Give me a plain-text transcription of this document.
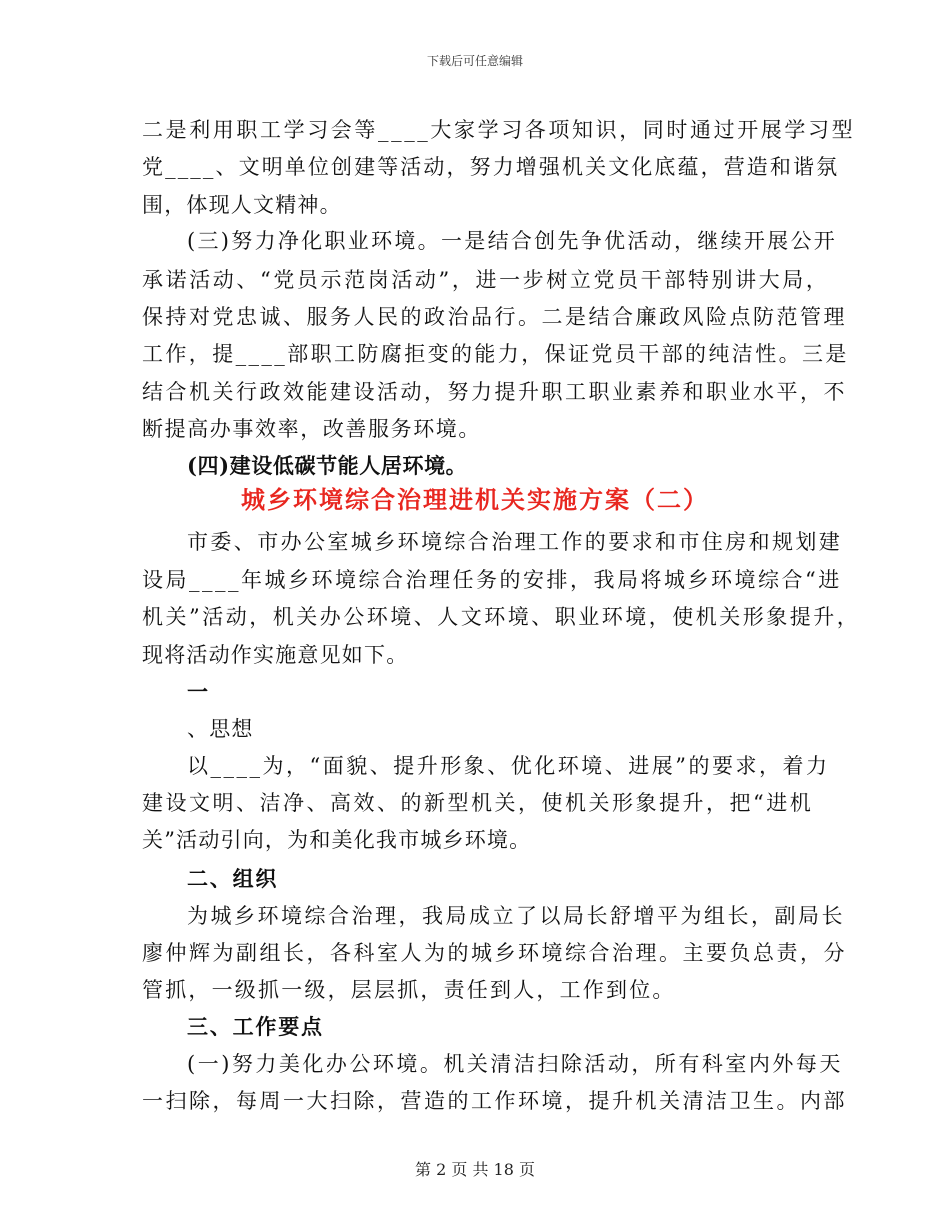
下载后可任意编辑
二是利用职工学习会等____大家学习各项知识，同时通过开展学习型
党____、文明单位创建等活动，努力增强机关文化底蕴，营造和谐氛
围，体现人文精神。
(三)努力净化职业环境。一是结合创先争优活动，继续开展公开
承诺活动、“党员示范岗活动”，进一步树立党员干部特别讲大局，
保持对党忠诚、服务人民的政治品行。二是结合廉政风险点防范管理
工作，提____部职工防腐拒变的能力，保证党员干部的纯洁性。三是
结合机关行政效能建设活动，努力提升职工职业素养和职业水平，不
断提高办事效率，改善服务环境。
(四)建设低碳节能人居环境。
城乡环境综合治理进机关实施方案（二）
市委、市办公室城乡环境综合治理工作的要求和市住房和规划建
设局____年城乡环境综合治理任务的安排，我局将城乡环境综合“进
机关”活动，机关办公环境、人文环境、职业环境，使机关形象提升，
现将活动作实施意见如下。
一
、思想
以____为，“面貌、提升形象、优化环境、进展”的要求，着力
建设文明、洁净、高效、的新型机关，使机关形象提升，把“进机
关”活动引向，为和美化我市城乡环境。
二、组织
为城乡环境综合治理，我局成立了以局长舒增平为组长，副局长
廖仲辉为副组长，各科室人为的城乡环境综合治理。主要负总责，分
管抓，一级抓一级，层层抓，责任到人，工作到位。
三、工作要点
(一)努力美化办公环境。机关清洁扫除活动，所有科室内外每天
一扫除，每周一大扫除，营造的工作环境，提升机关清洁卫生。内部
第 2 页 共 18 页
